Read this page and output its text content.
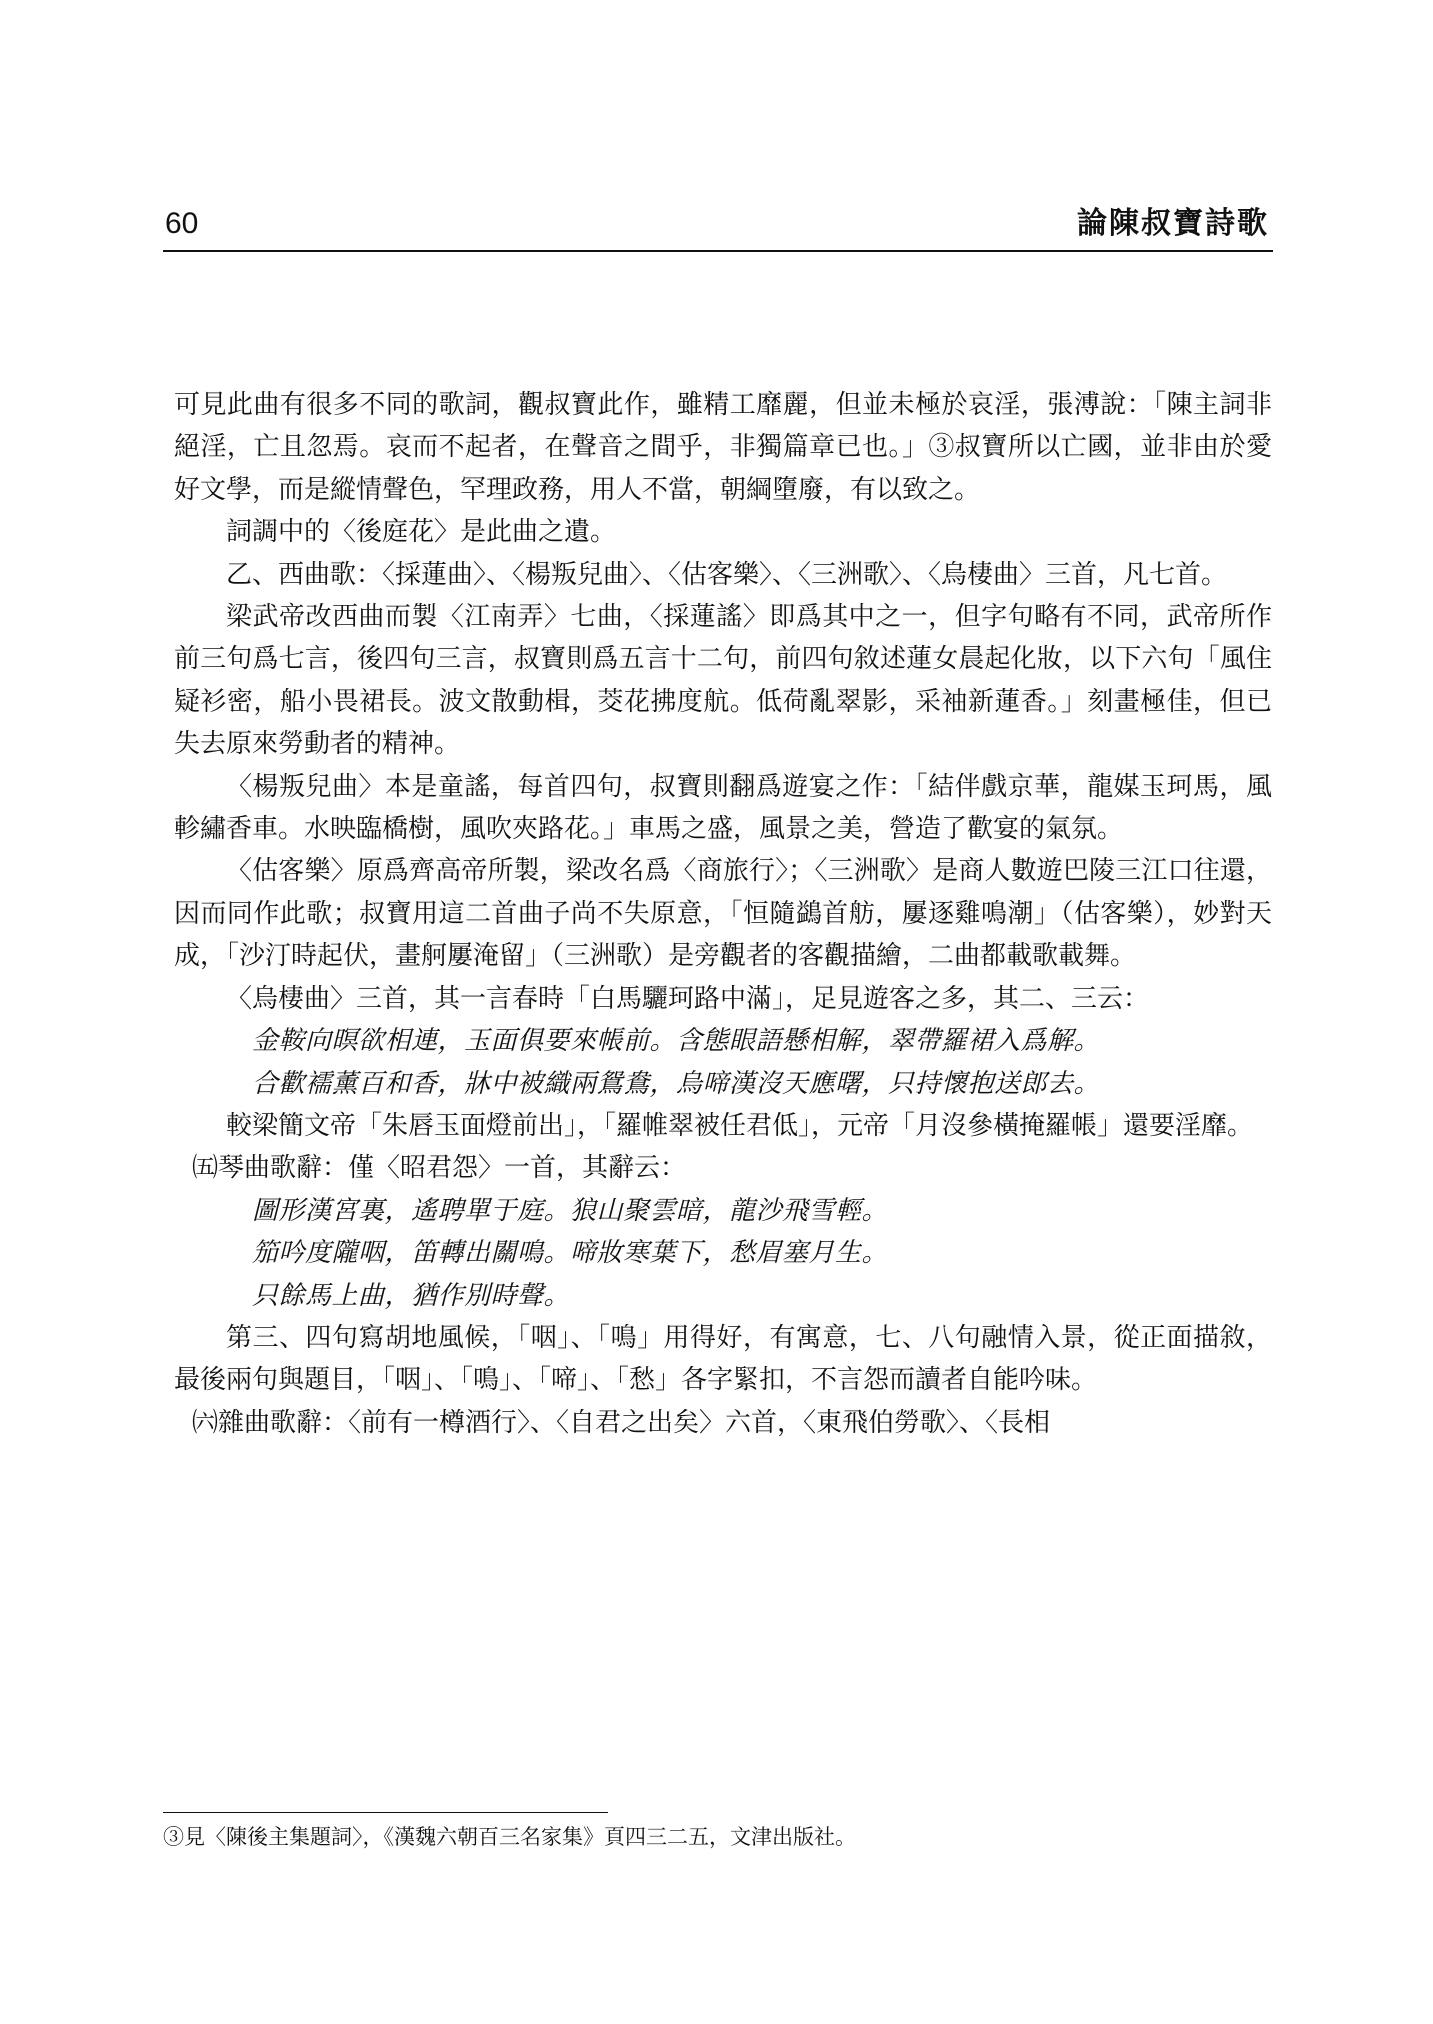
60	論陳叔寶詩歌

可見此曲有很多不同的歌詞，觀叔寶此作，雖精工靡麗，但並未極於哀淫，張溥說：「陳主詞非絕淫，亡且忽焉。哀而不起者，在聲音之間乎，非獨篇章已也。」③叔寶所以亡國，並非由於愛好文學，而是縱情聲色，罕理政務，用人不當，朝綱墮廢，有以致之。

詞調中的〈後庭花〉是此曲之遺。

乙、西曲歌：〈採蓮曲〉、〈楊叛兒曲〉、〈估客樂〉、〈三洲歌〉、〈烏棲曲〉三首，凡七首。

梁武帝改西曲而製〈江南弄〉七曲，〈採蓮謠〉即爲其中之一，但字句略有不同，武帝所作前三句爲七言，後四句三言，叔寶則爲五言十二句，前四句敘述蓮女晨起化妝，以下六句「風住疑衫密，船小畏裙長。波文散動楫，茭花拂度航。低荷亂翠影，采袖新蓮香。」刻畫極佳，但已失去原來勞動者的精神。

〈楊叛兒曲〉本是童謠，每首四句，叔寶則翻爲遊宴之作：「結伴戲京華，龍媒玉珂馬，風軫繡香車。水映臨橋樹，風吹夾路花。」車馬之盛，風景之美，營造了歡宴的氣氛。

〈估客樂〉原爲齊高帝所製，梁改名爲〈商旅行〉；〈三洲歌〉是商人數遊巴陵三江口往還，因而同作此歌；叔寶用這二首曲子尚不失原意，「恒隨鷁首舫，屢逐雞鳴潮」（估客樂），妙對天成，「沙汀時起伏，畫舸屢淹留」（三洲歌）是旁觀者的客觀描繪，二曲都載歌載舞。

〈烏棲曲〉三首，其一言春時「白馬驪珂路中滿」，足見遊客之多，其二、三云：

金鞍向暝欲相連，玉面俱要來帳前。含態眼語懸相解，翠帶羅裙入爲解。

合歡襦薰百和香，牀中被織兩鴛鴦，烏啼漢沒天應曙，只持懷抱送郎去。

較梁簡文帝「朱唇玉面燈前出」，「羅帷翠被任君低」，元帝「月沒參橫掩羅帳」還要淫靡。

㈤琴曲歌辭：僅〈昭君怨〉一首，其辭云：

圖形漢宮裏，遙聘單于庭。狼山聚雲暗，龍沙飛雪輕。

笳吟度隴咽，笛轉出關鳴。啼妝寒葉下，愁眉塞月生。

只餘馬上曲，猶作別時聲。

第三、四句寫胡地風候，「咽」、「鳴」用得好，有寓意，七、八句融情入景，從正面描敘，最後兩句與題目，「咽」、「鳴」、「啼」、「愁」各字緊扣，不言怨而讀者自能吟味。

㈥雜曲歌辭：〈前有一樽酒行〉、〈自君之出矣〉六首，〈東飛伯勞歌〉、〈長相

③見〈陳後主集題詞〉，《漢魏六朝百三名家集》頁四三二五，文津出版社。
